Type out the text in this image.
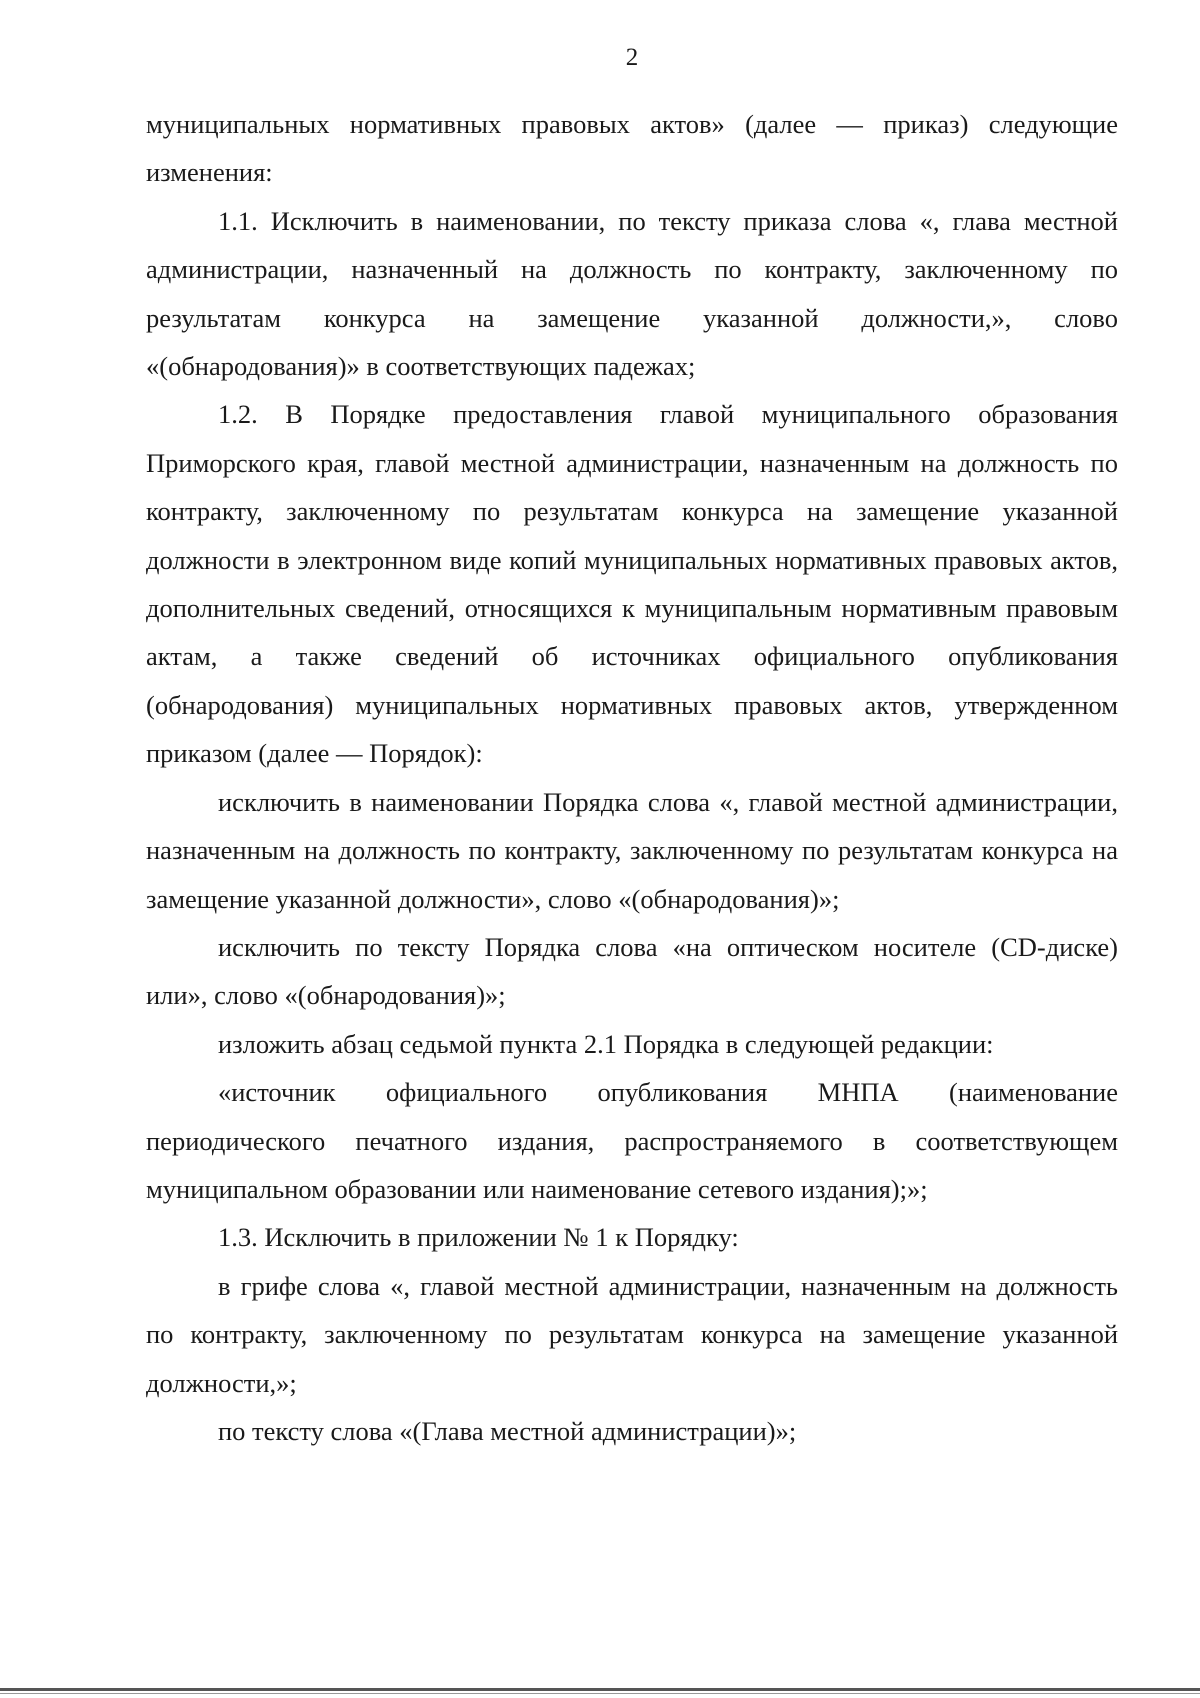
2

муниципальных нормативных правовых актов» (далее — приказ) следующие изменения:

1.1. Исключить в наименовании, по тексту приказа слова «, глава местной администрации, назначенный на должность по контракту, заключенному по результатам конкурса на замещение указанной должности,», слово «(обнародования)» в соответствующих падежах;

1.2. В Порядке предоставления главой муниципального образования Приморского края, главой местной администрации, назначенным на должность по контракту, заключенному по результатам конкурса на замещение указанной должности в электронном виде копий муниципальных нормативных правовых актов, дополнительных сведений, относящихся к муниципальным нормативным правовым актам, а также сведений об источниках официального опубликования (обнародования) муниципальных нормативных правовых актов, утвержденном приказом (далее — Порядок):

исключить в наименовании Порядка слова «, главой местной администрации, назначенным на должность по контракту, заключенному по результатам конкурса на замещение указанной должности», слово «(обнародования)»;

исключить по тексту Порядка слова «на оптическом носителе (CD-диске) или», слово «(обнародования)»;

изложить абзац седьмой пункта 2.1 Порядка в следующей редакции:

«источник официального опубликования МНПА (наименование периодического печатного издания, распространяемого в соответствующем муниципальном образовании или наименование сетевого издания);»;

1.3. Исключить в приложении № 1 к Порядку:

в грифе слова «, главой местной администрации, назначенным на должность по контракту, заключенному по результатам конкурса на замещение указанной должности,»;

по тексту слова «(Глава местной администрации)»;
